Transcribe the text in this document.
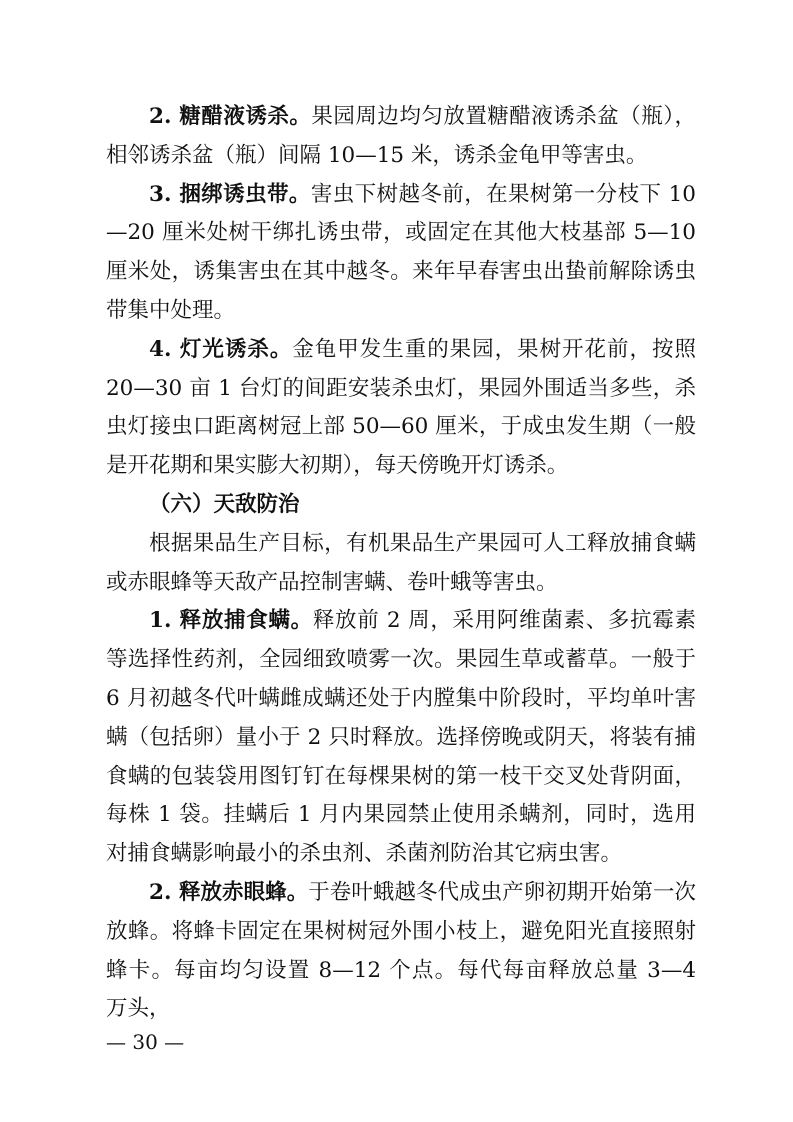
2. 糖醋液诱杀。果园周边均匀放置糖醋液诱杀盆（瓶），相邻诱杀盆（瓶）间隔 10—15 米，诱杀金龟甲等害虫。

3. 捆绑诱虫带。害虫下树越冬前，在果树第一分枝下 10—20 厘米处树干绑扎诱虫带，或固定在其他大枝基部 5—10 厘米处，诱集害虫在其中越冬。来年早春害虫出蛰前解除诱虫带集中处理。

4. 灯光诱杀。金龟甲发生重的果园，果树开花前，按照 20—30 亩 1 台灯的间距安装杀虫灯，果园外围适当多些，杀虫灯接虫口距离树冠上部 50—60 厘米，于成虫发生期（一般是开花期和果实膨大初期），每天傍晚开灯诱杀。

（六）天敌防治

根据果品生产目标，有机果品生产果园可人工释放捕食螨或赤眼蜂等天敌产品控制害螨、卷叶蛾等害虫。

1. 释放捕食螨。释放前 2 周，采用阿维菌素、多抗霉素等选择性药剂，全园细致喷雾一次。果园生草或蓄草。一般于 6 月初越冬代叶螨雌成螨还处于内膛集中阶段时，平均单叶害螨（包括卵）量小于 2 只时释放。选择傍晚或阴天，将装有捕食螨的包装袋用图钉钉在每棵果树的第一枝干交叉处背阴面，每株 1 袋。挂螨后 1 月内果园禁止使用杀螨剂，同时，选用对捕食螨影响最小的杀虫剂、杀菌剂防治其它病虫害。

2. 释放赤眼蜂。于卷叶蛾越冬代成虫产卵初期开始第一次放蜂。将蜂卡固定在果树树冠外围小枝上，避免阳光直接照射蜂卡。每亩均匀设置 8—12 个点。每代每亩释放总量 3—4 万头，

— 30 —
